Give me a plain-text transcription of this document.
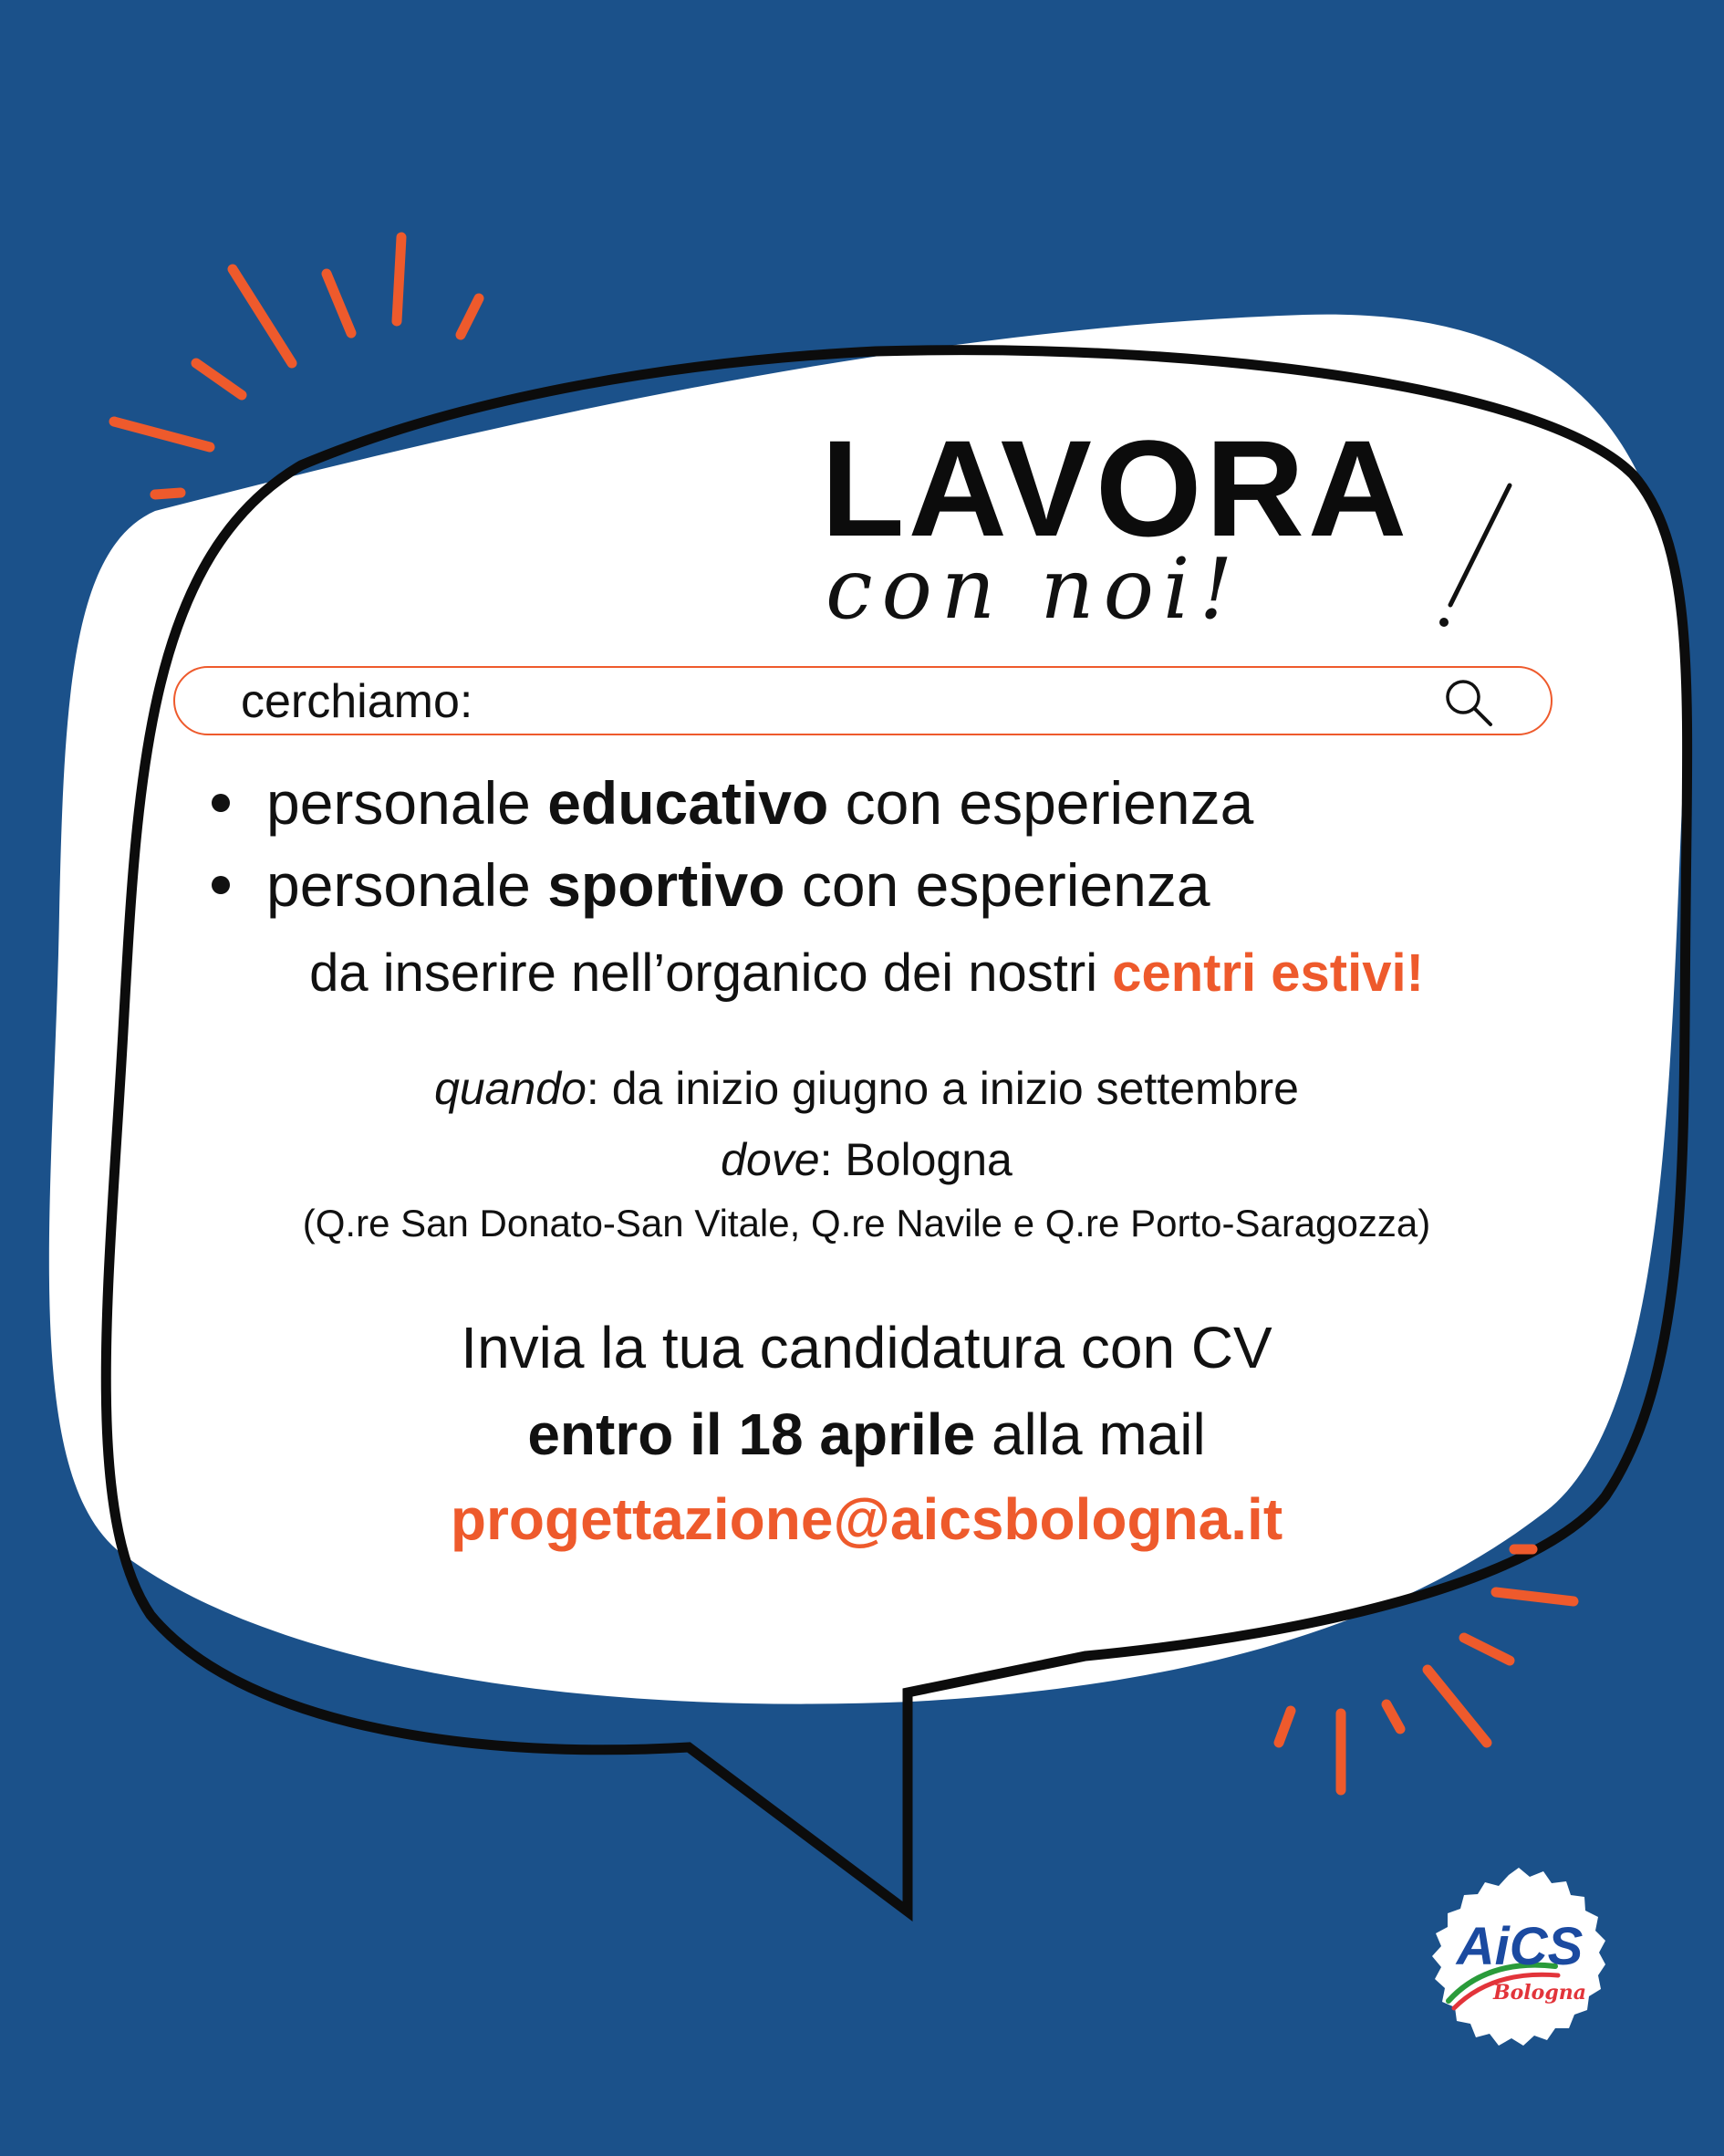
LAVORA
con noi!
cerchiamo:
personale educativo con esperienza
personale sportivo con esperienza
da inserire nell’organico dei nostri centri estivi!
quando: da inizio giugno a inizio settembre
dove: Bologna
(Q.re San Donato-San Vitale, Q.re Navile e Q.re Porto-Saragozza)
Invia la tua candidatura con CV
entro il 18 aprile alla mail
progettazione@aicsbologna.it
AiCS
Bologna
